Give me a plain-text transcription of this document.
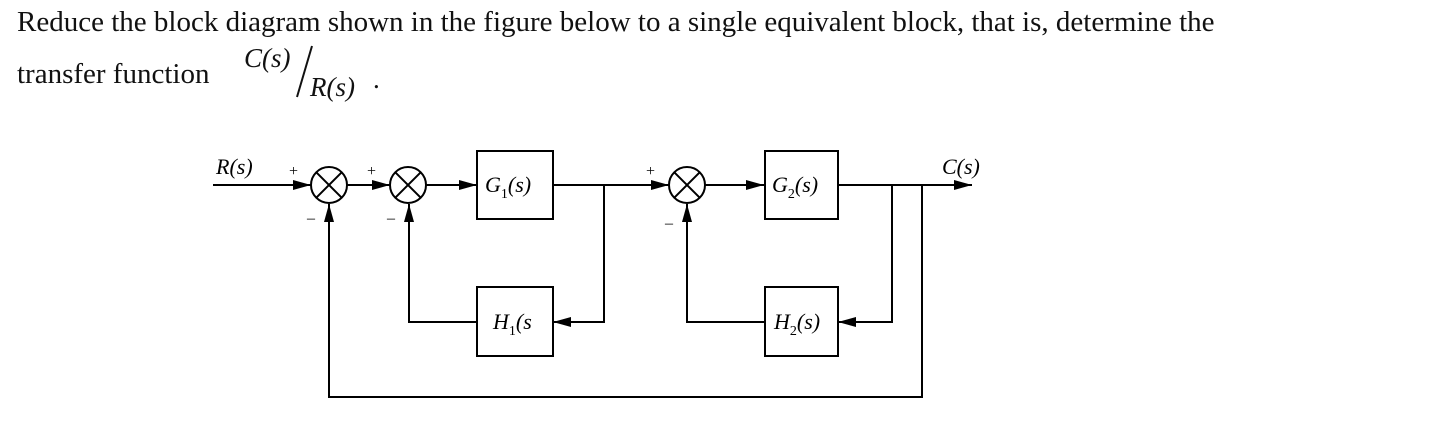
Reduce the block diagram shown in the figure below to a single equivalent block, that is, determine the
transfer function C(s)
R(s) .
$G_1(s)$	$G_2(s)$
$H_1(s$	$H_2(s)$
R(s)	C(s)
+
–
+
–
+
–
